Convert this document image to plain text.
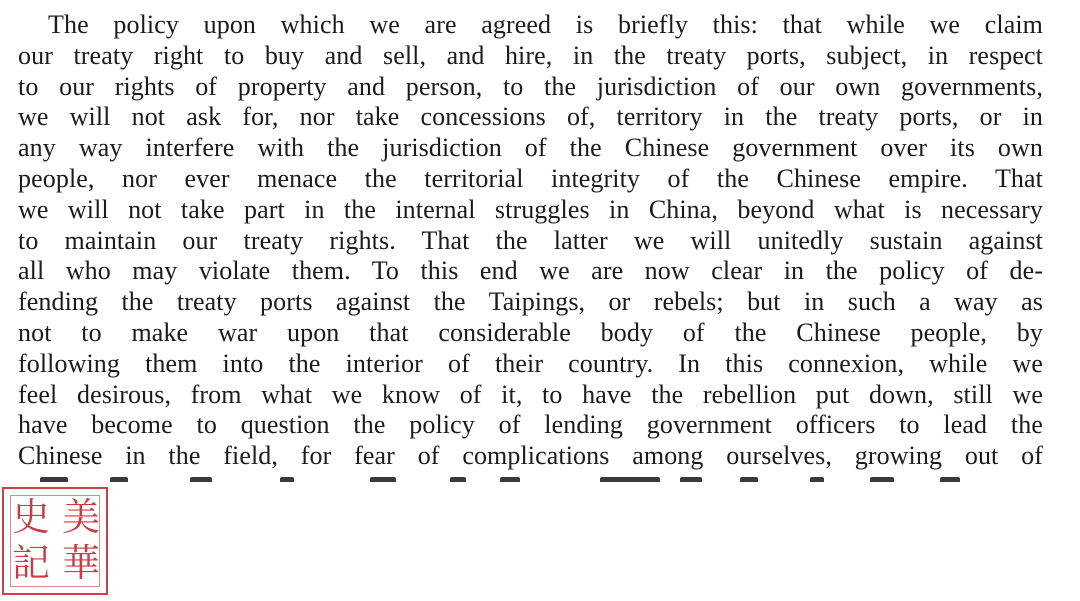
The policy upon which we are agreed is briefly this: that while we claim
our treaty right to buy and sell, and hire, in the treaty ports, subject, in respect
to our rights of property and person, to the jurisdiction of our own governments,
we will not ask for, nor take concessions of, territory in the treaty ports, or in
any way interfere with the jurisdiction of the Chinese government over its own
people, nor ever menace the territorial integrity of the Chinese empire. That
we will not take part in the internal struggles in China, beyond what is necessary
to maintain our treaty rights. That the latter we will unitedly sustain against
all who may violate them. To this end we are now clear in the policy of de-
fending the treaty ports against the Taipings, or rebels; but in such a way as
not to make war upon that considerable body of the Chinese people, by
following them into the interior of their country. In this connexion, while we
feel desirous, from what we know of it, to have the rebellion put down, still we
have become to question the policy of lending government officers to lead the
Chinese in the field, for fear of complications among ourselves, growing out of
美
華
史
記
